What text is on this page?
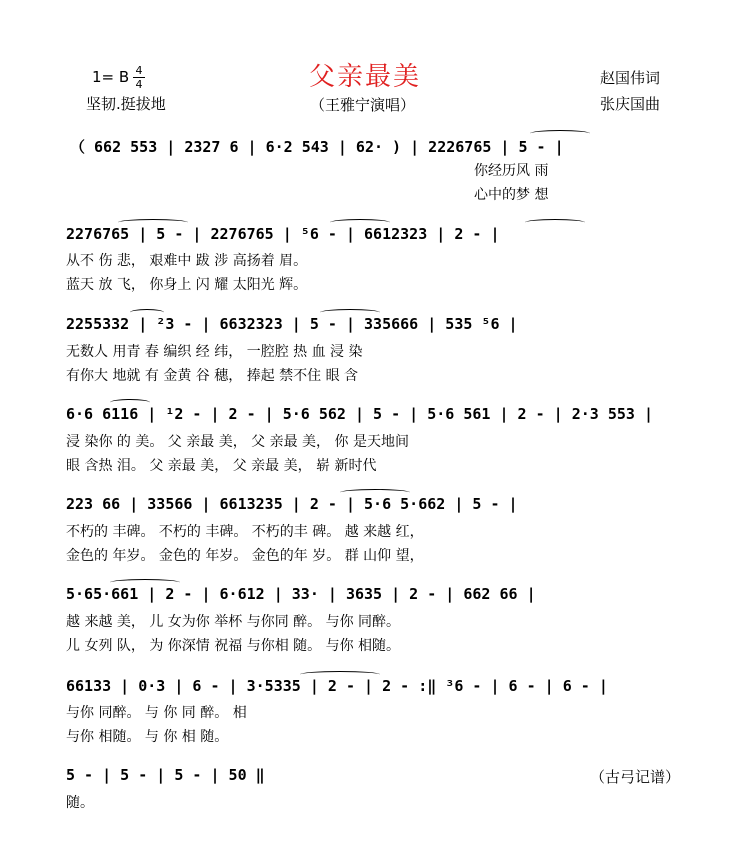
父亲最美
1= B 4
4
坚韧.挺拔地	（王雅宁演唱）
赵国伟词
张庆国曲
（ 662 553 | 2327 6 | 6·2 543 | 62· ) | 2226765 | 5 - |
你经历风 雨
心中的梦 想
2276765 | 5 - | 2276765 | ⁵6 - | 6612323 | 2 - |
从不 伤 悲， 艰难中 跋 涉 高扬着 眉。
蓝天 放 飞， 你身上 闪 耀 太阳光 辉。
2255332 | ²3 - | 6632323 | 5 - | 335666 | 535 ⁵6 |
无数人 用青 春 编织 经 纬， 一腔腔 热 血 浸 染
有你大 地就 有 金黄 谷 穗， 捧起 禁不住 眼 含
6·6 6116 | ¹2 - | 2 - | 5·6 562 | 5 - | 5·6 561 | 2 - | 2·3 553 |
浸 染你 的 美。 父 亲最 美， 父 亲最 美， 你 是天地间
眼 含热 泪。 父 亲最 美， 父 亲最 美， 崭 新时代
223 66 | 33566 | 6613235 | 2 - | 5·6 5·662 | 5 - |
不朽的 丰碑。 不朽的 丰碑。 不朽的丰 碑。 越 来越 红，
金色的 年岁。 金色的 年岁。 金色的年 岁。 群 山仰 望，
5·65·661 | 2 - | 6·612 | 33· | 3635 | 2 - | 662 66 |
越 来越 美， 儿 女为你 举杯 与你同 醉。 与你 同醉。
儿 女列 队， 为 你深情 祝福 与你相 随。 与你 相随。
66133 | 0·3 | 6 - | 3·5335 | 2 - | 2 - :‖ ³6 - | 6 - | 6 - |
与你 同醉。 与 你 同 醉。 相
与你 相随。 与 你 相 随。
5 - | 5 - | 5 - | 50 ‖
随。
（古弓记谱）
